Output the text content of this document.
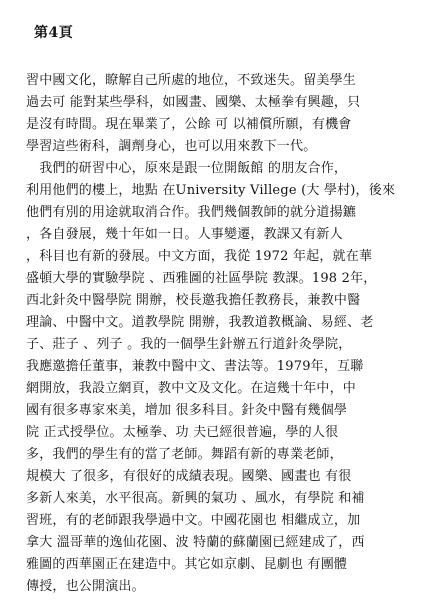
第4頁
習中國文化，瞭解自己所處的地位，不致迷失。留美學生
過去可 能對某些學科，如國畫、國樂、太極拳有興趣，只
是沒有時間。現在畢業了，公餘 可 以補償所願，有機會
學習這些術科，調劑身心，也可以用來教下一代。
　我們的研習中心，原來是跟一位開飯館 的朋友合作，
利用他們的樓上，地點 在University Villege (大 學村)，後來
他們有別的用途就取消合作。我們幾個教師的就分道揚鑣
，各自發展，幾十年如一日。人事變遷，教課又有新人
，科目也有新的發展。中文方面，我從 1972 年起，就在華
盛頓大學的實驗學院 、西雅圖的社區學院 教課。198 2年，
西北針灸中醫學院 開辦，校長邀我擔任教務長，兼教中醫
理論、中醫中文。道教學院 開辦，我教道教概論、易經、老
子、莊子 、列子 。我的一個學生針辦五行道針灸學院，
我應邀擔任董事，兼教中醫中文、書法等。1979年，互聯
網開放，我設立網頁，教中文及文化。在這幾十年中，中
國有很多專家來美，增加 很多科目。針灸中醫有幾個學
院 正式授學位。太極拳、功 夫已經很普遍，學的人很
多，我們的學生有的當了老師。舞蹈有新的專業老師，
規模大 了很多，有很好的成績表現。國樂、國畫也 有很
多新人來美，水平很高。新興的氣功 、風水，有學院 和補
習班，有的老師跟我學過中文。中國花園也 相繼成立，加
拿大 溫哥華的逸仙花園、波 特蘭的蘇蘭園已經建成了，西
雅圖的西華園正在建造中。其它如京劇、昆劇也 有團體
傳授，也公開演出。
